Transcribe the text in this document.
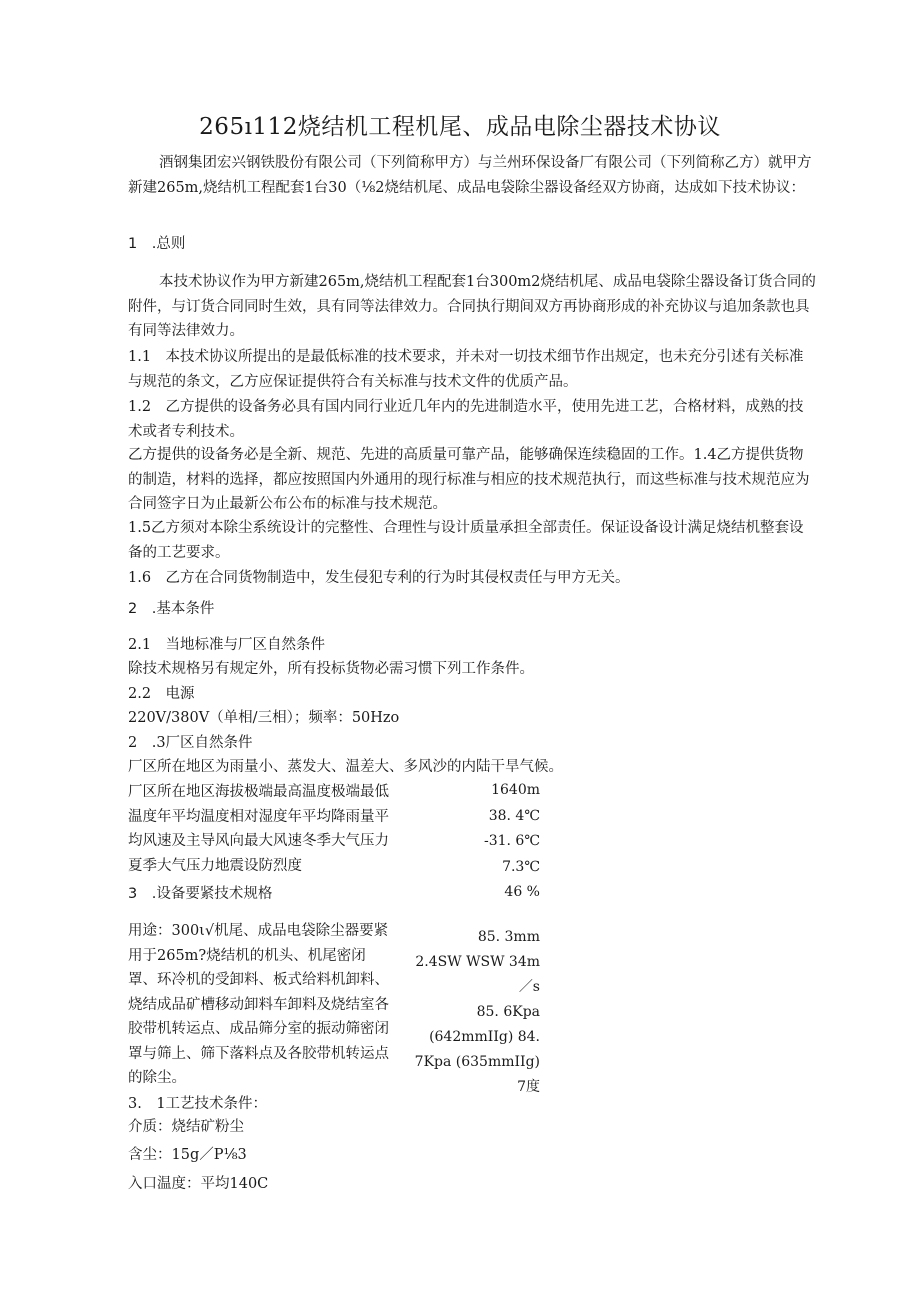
265ı112烧结机工程机尾、成品电除尘器技术协议
酒钢集团宏兴钢铁股份有限公司（下列简称甲方）与兰州环保设备厂有限公司（下列简称乙方）就甲方新建265m,烧结机工程配套1台30（⅛2烧结机尾、成品电袋除尘器设备经双方协商，达成如下技术协议：
1　.总则
本技术协议作为甲方新建265m,烧结机工程配套1台300m2烧结机尾、成品电袋除尘器设备订货合同的附件，与订货合同同时生效，具有同等法律效力。合同执行期间双方再协商形成的补充协议与追加条款也具有同等法律效力。
1.1　本技术协议所提出的是最低标准的技术要求，并未对一切技术细节作出规定，也未充分引述有关标准与规范的条文，乙方应保证提供符合有关标准与技术文件的优质产品。
1.2　乙方提供的设备务必具有国内同行业近几年内的先进制造水平，使用先进工艺，合格材料，成熟的技术或者专利技术。
乙方提供的设备务必是全新、规范、先进的高质量可靠产品，能够确保连续稳固的工作。1.4乙方提供货物的制造，材料的选择，都应按照国内外通用的现行标准与相应的技术规范执行，而这些标准与技术规范应为合同签字日为止最新公布公布的标准与技术规范。
1.5乙方须对本除尘系统设计的完整性、合理性与设计质量承担全部责任。保证设备设计满足烧结机整套设备的工艺要求。
1.6　乙方在合同货物制造中，发生侵犯专利的行为时其侵权责任与甲方无关。
2　.基本条件
2.1　当地标准与厂区自然条件
除技术规格另有规定外，所有投标货物必需习惯下列工作条件。
2.2　电源
220V/380V（单相/三相）；频率：50Hzo
2　.3厂区自然条件
厂区所在地区为雨量小、蒸发大、温差大、多风沙的内陆干旱气候。
厂区所在地区海拔极端最高温度极端最低温度年平均温度相对湿度年平均降雨量平均风速及主导风向最大风速冬季大气压力夏季大气压力地震设防烈度
3　.设备要紧技术规格
1640m
38. 4℃
-31. 6℃
7.3℃
46 %
85. 3mm
2.4SW WSW 34m／s
85. 6Kpa
(642mmIIg) 84.
7Kpa (635mmIIg)
7度
用途：300ι√机尾、成品电袋除尘器要紧用于265m?烧结机的机头、机尾密闭罩、环冷机的受卸料、板式给料机卸料、烧结成品矿槽移动卸料车卸料及烧结室各胶带机转运点、成品筛分室的振动筛密闭罩与筛上、筛下落料点及各胶带机转运点的除尘。
3.　1工艺技术条件：
介质：烧结矿粉尘
含尘：15g／P⅛3
入口温度：平均140C
